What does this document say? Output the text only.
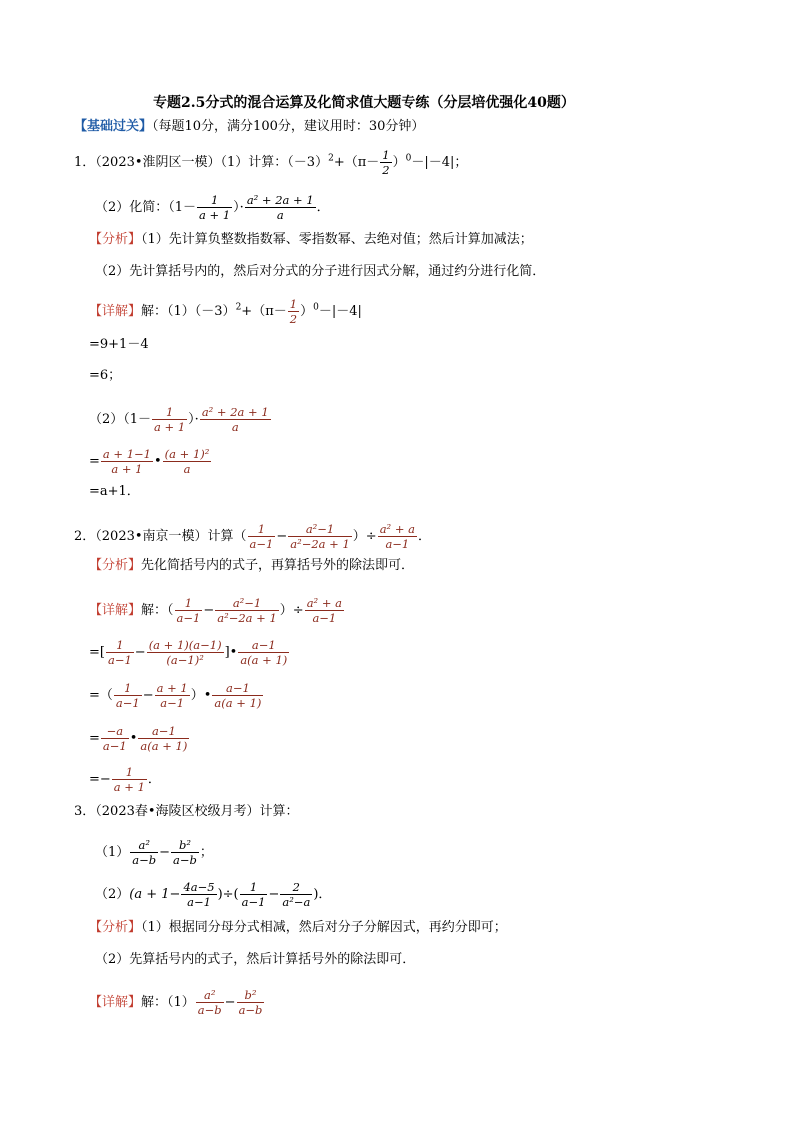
专题2.5分式的混合运算及化简求值大题专练（分层培优强化40题）
【基础过关】（每题10分，满分100分，建议用时：30分钟）
1．（2023•淮阴区一模）（1）计算：$(-3)^2+(\pi- \frac{1}{2} )^0-|-4|$；
（2）化简：（$1- \frac{1}{a + 1}$ ）· $\frac{\text{a² + 2a + 1}}{a}$ ．
【分析】（1）先计算负整数指数幂、零指数幂、去绝对值；然后计算加减法；
（2）先计算括号内的，然后对分式的分子进行因式分解，通过约分进行化简．
【详解】解：$(1)(-3)^2+(\pi- \frac{1}{2} )^0-|-4|$
=9+1－4
=6；
$(2)(1- \frac{1}{a + 1}$ ）· $\frac{\text{a² + 2a + 1}}{a}$
= $\frac{a + 1-1}{a + 1}$ • $\frac{\text{(a + 1)²}}{a}$
=a+1．
2．（2023•南京一模）计算（ $\frac{1}{a-1} - \frac{\text{a²−1}}{\text{a²−2a + 1}}$ ）÷ $\frac{\text{a² + a}}{a-1}$ ．
【分析】先化简括号内的式子，再算括号外的除法即可．
【详解】解：（ $\frac{1}{a-1} - \frac{\text{a²−1}}{\text{a²−2a + 1}}$ ）÷ $\frac{\text{a² + a}}{a-1}$
=[ $\frac{1}{a-1} - \frac{(a + 1)(a-1)}{\text{(a−1)²}}$ ]• $\frac{a-1}{a(a + 1)}$
=（ $\frac{1}{a-1} - \frac{a + 1}{a-1}$ ）• $\frac{a-1}{a(a + 1)}$
= $\frac{-a}{a-1}$ • $\frac{a-1}{a(a + 1)}$
=− $\frac{1}{a + 1}$ ．
3．（2023春•海陵区校级月考）计算：
$(1) \frac{\text{a²}}{a-b} - \frac{\text{b²}}{a-b}$ ；
$(2)(a + 1- \frac{4a-5}{a-1}$ )÷( $\frac{1}{a-1} - \frac{2}{\text{a²−a}}$ )．
【分析】（1）根据同分母分式相减，然后对分子分解因式，再约分即可；
（2）先算括号内的式子，然后计算括号外的除法即可．
【详解】解：$(1) \frac{\text{a²}}{a-b} - \frac{\text{b²}}{a-b}$
